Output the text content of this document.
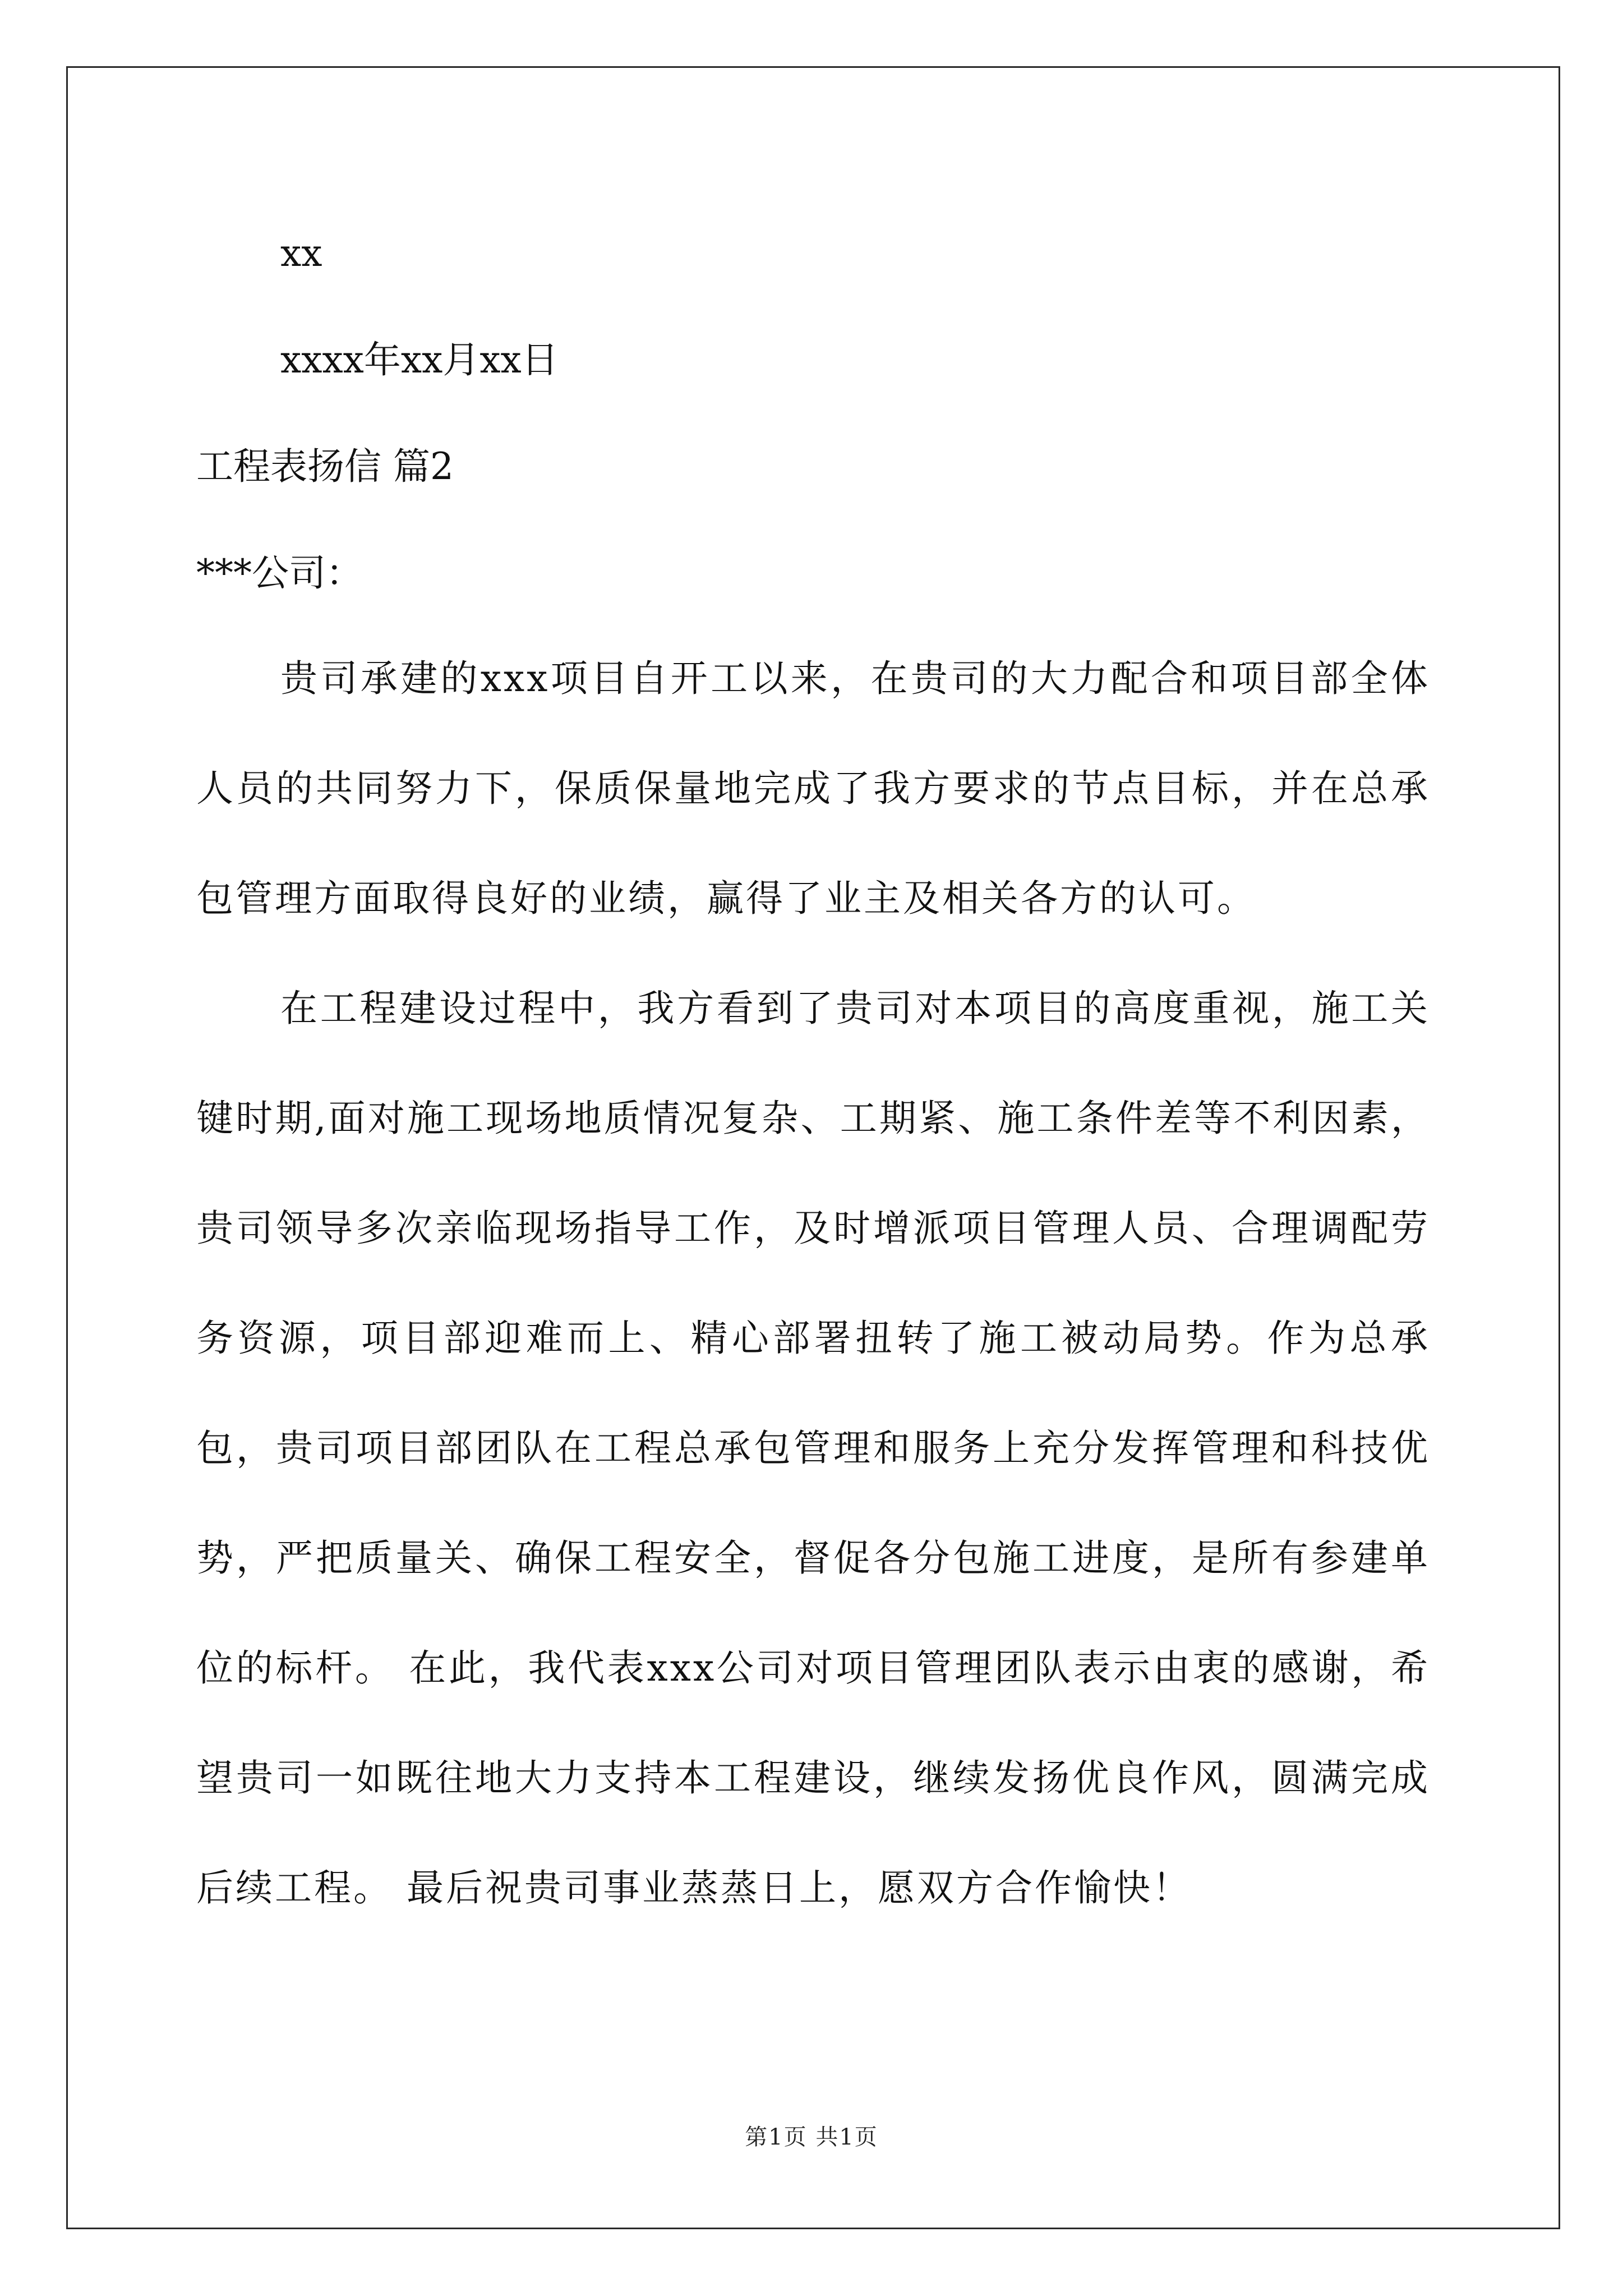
xx
xxxx年xx月xx日
工程表扬信 篇2
***公司：
贵司承建的xxx项目自开工以来，在贵司的大力配合和项目部全体人员的共同努力下，保质保量地完成了我方要求的节点目标，并在总承包管理方面取得良好的业绩，赢得了业主及相关各方的认可。
在工程建设过程中，我方看到了贵司对本项目的高度重视，施工关键时期,面对施工现场地质情况复杂、工期紧、施工条件差等不利因素，贵司领导多次亲临现场指导工作，及时增派项目管理人员、合理调配劳务资源，项目部迎难而上、精心部署扭转了施工被动局势。作为总承包，贵司项目部团队在工程总承包管理和服务上充分发挥管理和科技优势，严把质量关、确保工程安全，督促各分包施工进度，是所有参建单位的标杆。 在此，我代表xxx公司对项目管理团队表示由衷的感谢，希望贵司一如既往地大力支持本工程建设，继续发扬优良作风，圆满完成后续工程。 最后祝贵司事业蒸蒸日上，愿双方合作愉快！
第1页 共1页
